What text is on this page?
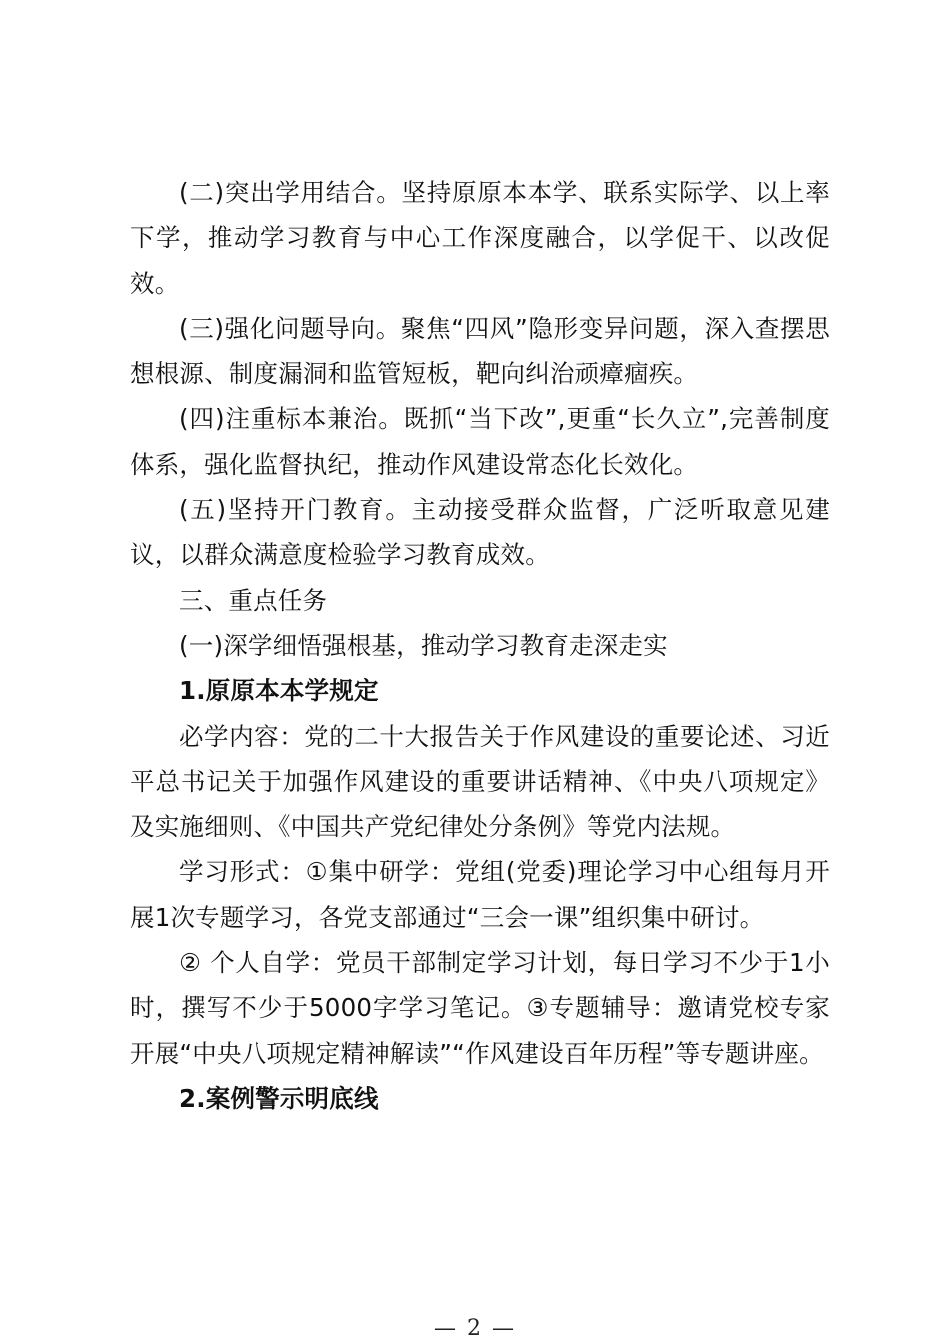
(二)突出学用结合。坚持原原本本学、联系实际学、以上率下学，推动学习教育与中心工作深度融合，以学促干、以改促效。

(三)强化问题导向。聚焦“四风”隐形变异问题，深入查摆思想根源、制度漏洞和监管短板，靶向纠治顽瘴痼疾。

(四)注重标本兼治。既抓“当下改”,更重“长久立”,完善制度体系，强化监督执纪，推动作风建设常态化长效化。

(五)坚持开门教育。主动接受群众监督，广泛听取意见建议，以群众满意度检验学习教育成效。

三、重点任务

(一)深学细悟强根基，推动学习教育走深走实

1.原原本本学规定

必学内容：党的二十大报告关于作风建设的重要论述、习近平总书记关于加强作风建设的重要讲话精神、《中央八项规定》及实施细则、《中国共产党纪律处分条例》等党内法规。

学习形式：①集中研学：党组(党委)理论学习中心组每月开展1次专题学习，各党支部通过“三会一课”组织集中研讨。

② 个人自学：党员干部制定学习计划，每日学习不少于1小时，撰写不少于5000字学习笔记。③专题辅导：邀请党校专家开展“中央八项规定精神解读”“作风建设百年历程”等专题讲座。

2.案例警示明底线

— 2 —
